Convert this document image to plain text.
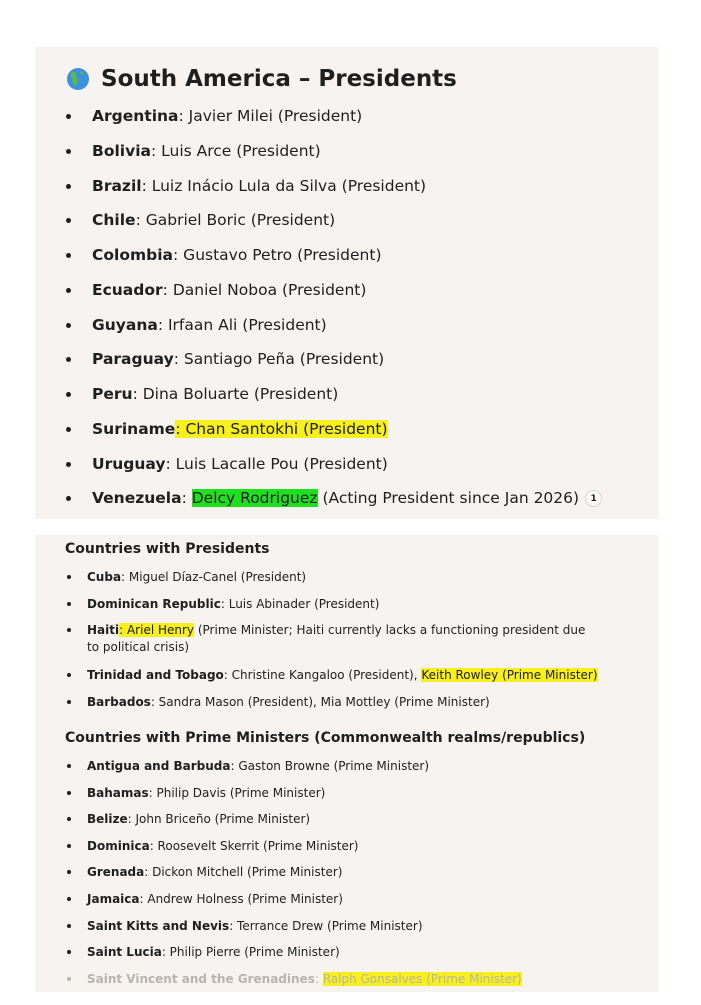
South America – Presidents
Argentina: Javier Milei (President)
Bolivia: Luis Arce (President)
Brazil: Luiz Inácio Lula da Silva (President)
Chile: Gabriel Boric (President)
Colombia: Gustavo Petro (President)
Ecuador: Daniel Noboa (President)
Guyana: Irfaan Ali (President)
Paraguay: Santiago Peña (President)
Peru: Dina Boluarte (President)
Suriname: Chan Santokhi (President)
Uruguay: Luis Lacalle Pou (President)
Venezuela: Delcy Rodriguez (Acting President since Jan 2026) 1
Countries with Presidents
Cuba: Miguel Díaz-Canel (President)
Dominican Republic: Luis Abinader (President)
Haiti: Ariel Henry (Prime Minister; Haiti currently lacks a functioning president due
to political crisis)
Trinidad and Tobago: Christine Kangaloo (President), Keith Rowley (Prime Minister)
Barbados: Sandra Mason (President), Mia Mottley (Prime Minister)
Countries with Prime Ministers (Commonwealth realms/republics)
Antigua and Barbuda: Gaston Browne (Prime Minister)
Bahamas: Philip Davis (Prime Minister)
Belize: John Briceño (Prime Minister)
Dominica: Roosevelt Skerrit (Prime Minister)
Grenada: Dickon Mitchell (Prime Minister)
Jamaica: Andrew Holness (Prime Minister)
Saint Kitts and Nevis: Terrance Drew (Prime Minister)
Saint Lucia: Philip Pierre (Prime Minister)
Saint Vincent and the Grenadines: Ralph Gonsalves (Prime Minister)
